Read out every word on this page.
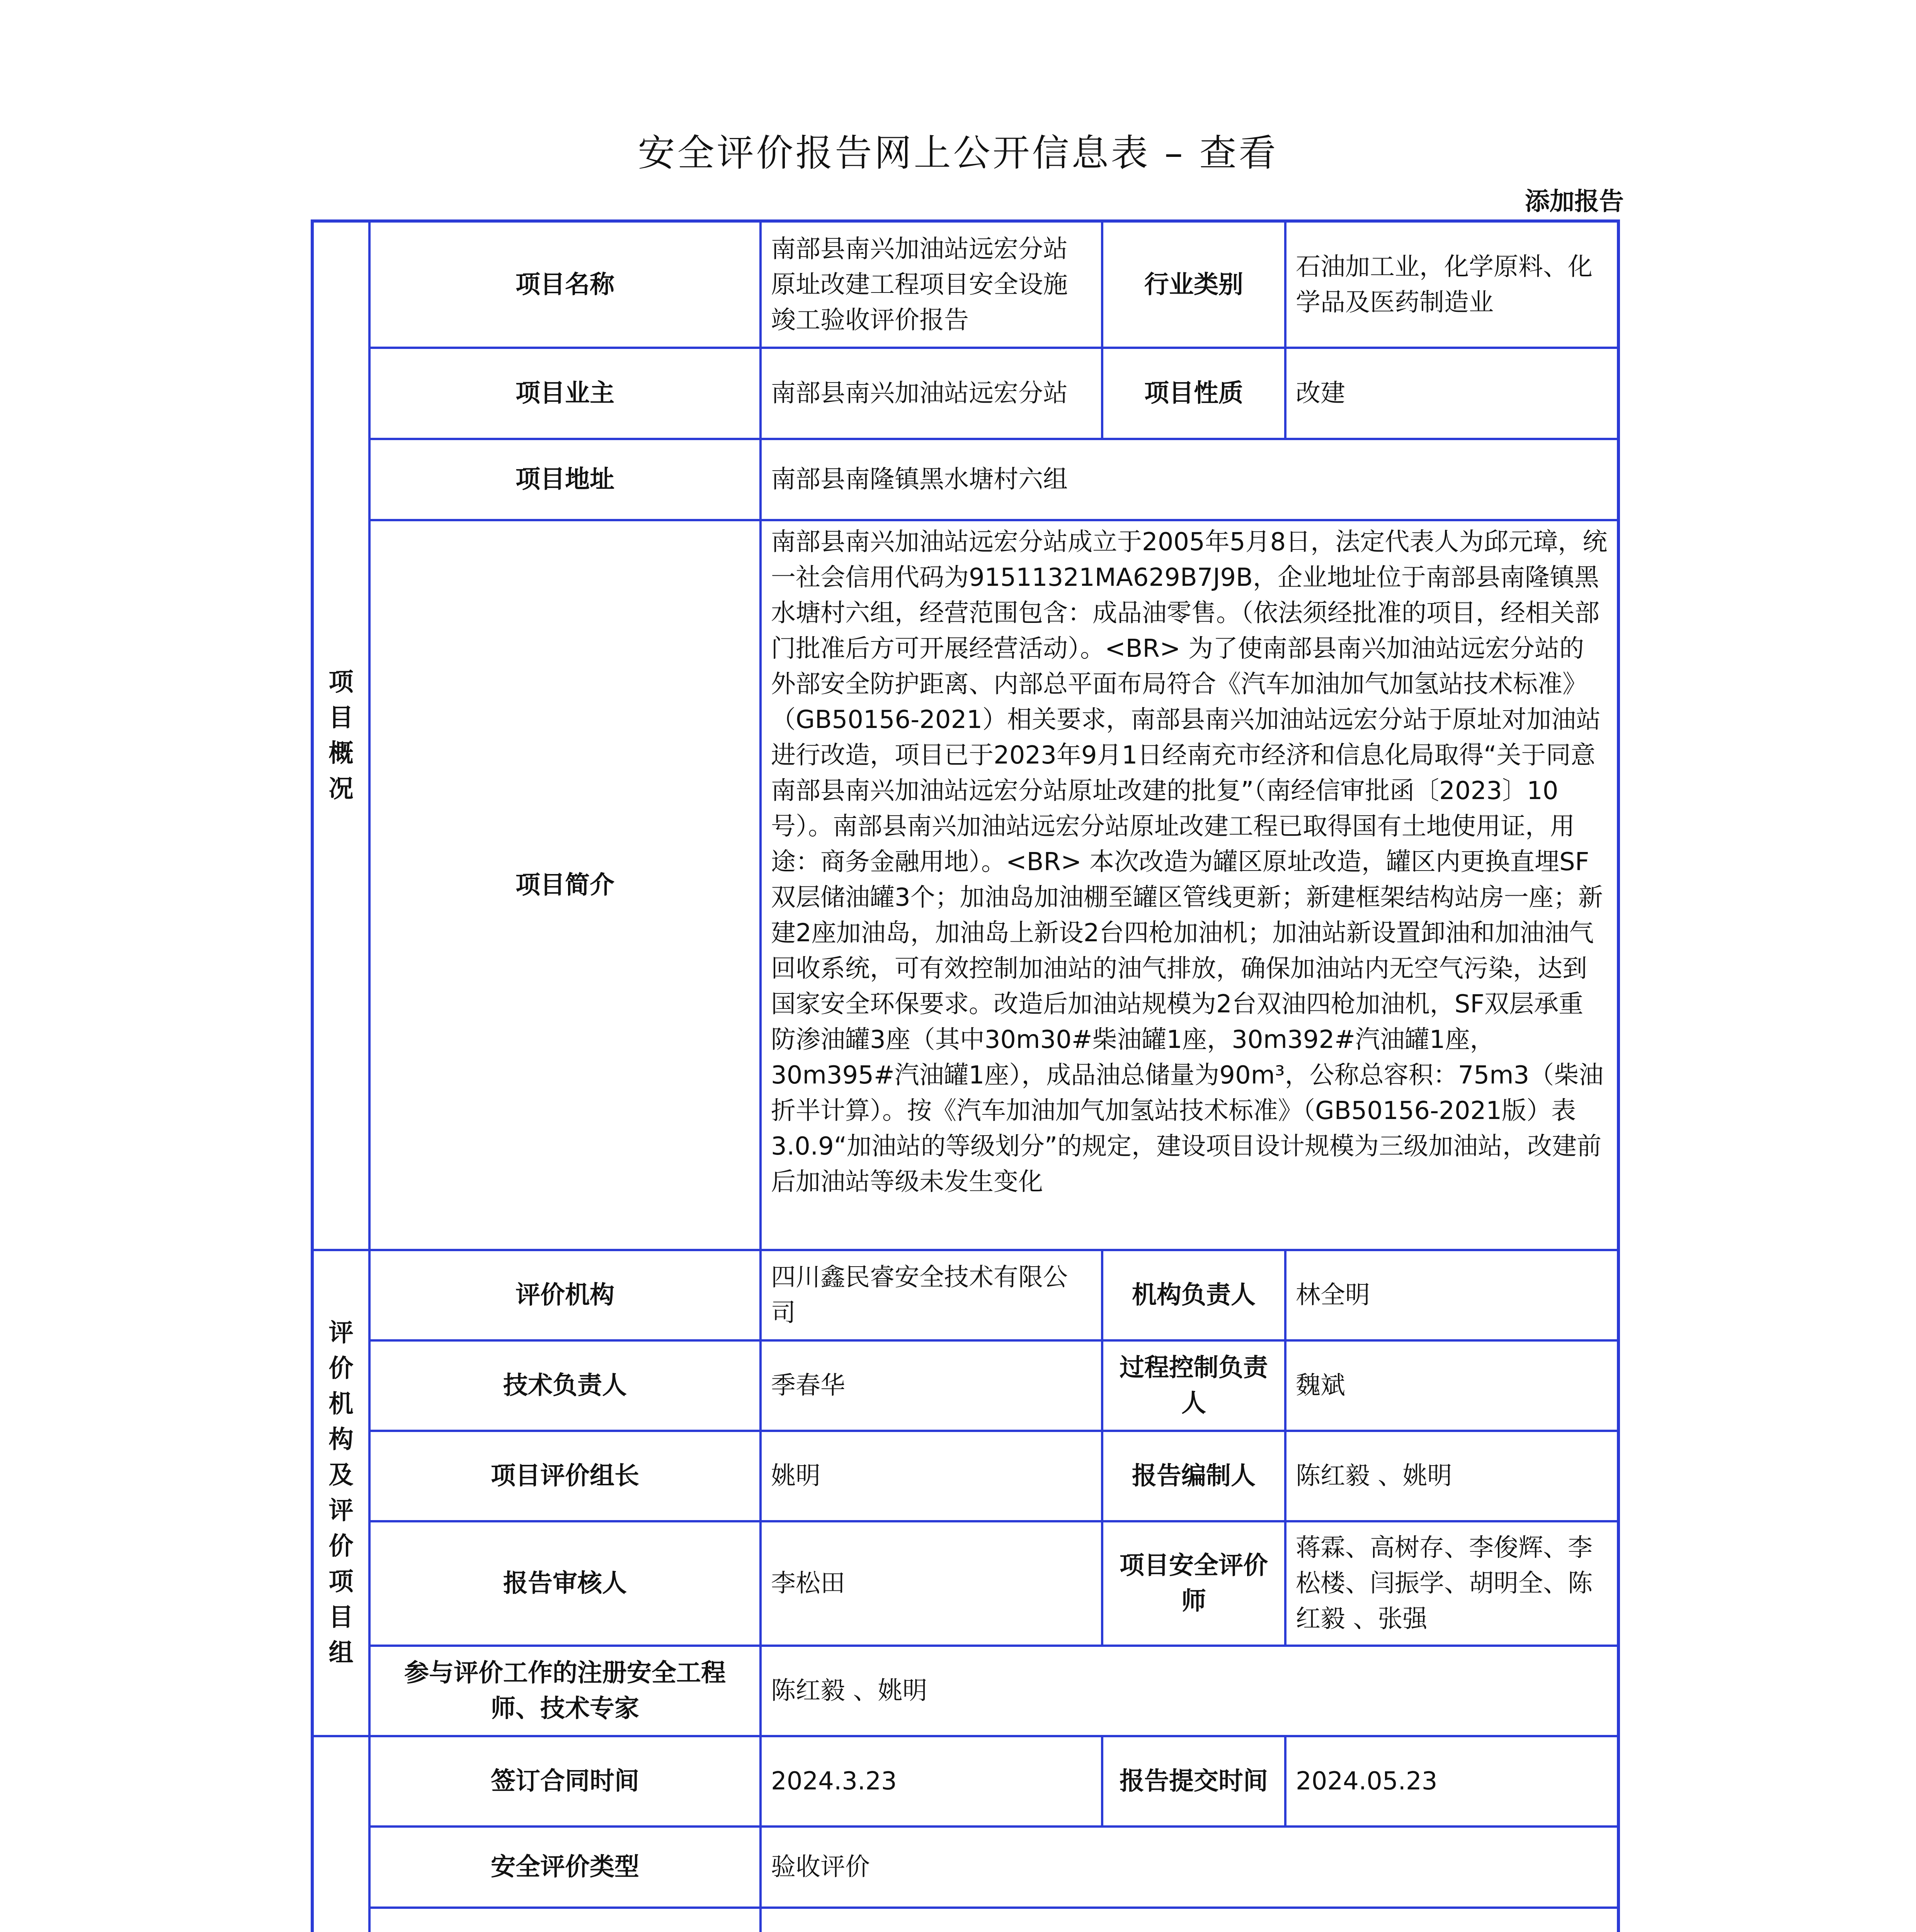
安全评价报告网上公开信息表 – 查看
添加报告
项目概况	项目名称	南部县南兴加油站远宏分站原址改建工程项目安全设施竣工验收评价报告	行业类别	石油加工业，化学原料、化学品及医药制造业
	项目业主	南部县南兴加油站远宏分站	项目性质	改建
	项目地址	南部县南隆镇黑水塘村六组		
	项目简介	南部县南兴加油站远宏分站成立于2005年5月8日，法定代表人为邱元璋，统一社会信用代码为91511321MA629B7J9B，企业地址位于南部县南隆镇黑水塘村六组，经营范围包含：成品油零售。（依法须经批准的项目，经相关部门批准后方可开展经营活动）。<BR> 为了使南部县南兴加油站远宏分站的外部安全防护距离、内部总平面布局符合《汽车加油加气加氢站技术标准》（GB50156-2021）相关要求，南部县南兴加油站远宏分站于原址对加油站进行改造，项目已于2023年9月1日经南充市经济和信息化局取得“关于同意南部县南兴加油站远宏分站原址改建的批复”（南经信审批函〔2023〕10号）。南部县南兴加油站远宏分站原址改建工程已取得国有土地使用证，用途：商务金融用地）。<BR> 本次改造为罐区原址改造，罐区内更换直埋SF双层储油罐3个；加油岛加油棚至罐区管线更新；新建框架结构站房一座；新建2座加油岛，加油岛上新设2台四枪加油机；加油站新设置卸油和加油油气回收系统，可有效控制加油站的油气排放，确保加油站内无空气污染，达到国家安全环保要求。改造后加油站规模为2台双油四枪加油机，SF双层承重防渗油罐3座（其中30m30#柴油罐1座，30m392#汽油罐1座，30m395#汽油罐1座），成品油总储量为90m³，公称总容积：75m3（柴油折半计算）。按《汽车加油加气加氢站技术标准》（GB50156-2021版）表3.0.9“加油站的等级划分”的规定，建设项目设计规模为三级加油站，改建前后加油站等级未发生变化		
评价机构及评价项目组	评价机构	四川鑫民睿安全技术有限公司	机构负责人	林全明
	技术负责人	季春华	过程控制负责人	魏斌
	项目评价组长	姚明	报告编制人	陈红毅 、姚明
	报告审核人	李松田	项目安全评价师	蒋霖、高树存、李俊辉、李松楼、闫振学、胡明全、陈红毅 、张强
	参与评价工作的注册安全工程师、技术专家	陈红毅 、姚明		
	签订合同时间	2024.3.23	报告提交时间	2024.05.23
	安全评价类型	验收评价		
